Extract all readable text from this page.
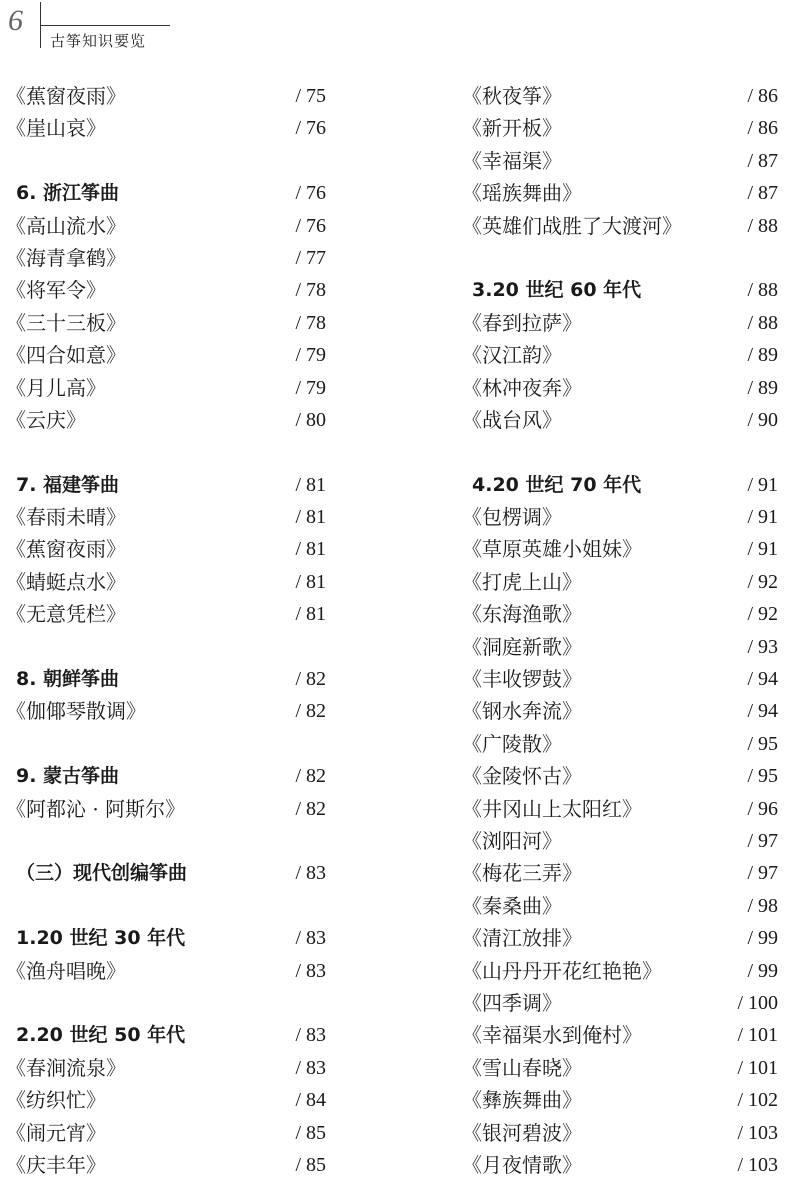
6
古筝知识要览
《蕉窗夜雨》	/ 75
《崖山哀》	/ 76
6. 浙江筝曲	/ 76
《高山流水》	/ 76
《海青拿鹤》	/ 77
《将军令》	/ 78
《三十三板》	/ 78
《四合如意》	/ 79
《月儿高》	/ 79
《云庆》	/ 80
7. 福建筝曲	/ 81
《春雨未晴》	/ 81
《蕉窗夜雨》	/ 81
《蜻蜓点水》	/ 81
《无意凭栏》	/ 81
8. 朝鲜筝曲	/ 82
《伽倻琴散调》	/ 82
9. 蒙古筝曲	/ 82
《阿都沁 · 阿斯尔》	/ 82
（三）现代创编筝曲	/ 83
1.20 世纪 30 年代	/ 83
《渔舟唱晚》	/ 83
2.20 世纪 50 年代	/ 83
《春涧流泉》	/ 83
《纺织忙》	/ 84
《闹元宵》	/ 85
《庆丰年》	/ 85
《秋夜筝》	/ 86
《新开板》	/ 86
《幸福渠》	/ 87
《瑶族舞曲》	/ 87
《英雄们战胜了大渡河》	/ 88
3.20 世纪 60 年代	/ 88
《春到拉萨》	/ 88
《汉江韵》	/ 89
《林冲夜奔》	/ 89
《战台风》	/ 90
4.20 世纪 70 年代	/ 91
《包楞调》	/ 91
《草原英雄小姐妹》	/ 91
《打虎上山》	/ 92
《东海渔歌》	/ 92
《洞庭新歌》	/ 93
《丰收锣鼓》	/ 94
《钢水奔流》	/ 94
《广陵散》	/ 95
《金陵怀古》	/ 95
《井冈山上太阳红》	/ 96
《浏阳河》	/ 97
《梅花三弄》	/ 97
《秦桑曲》	/ 98
《清江放排》	/ 99
《山丹丹开花红艳艳》	/ 99
《四季调》	/ 100
《幸福渠水到俺村》	/ 101
《雪山春晓》	/ 101
《彝族舞曲》	/ 102
《银河碧波》	/ 103
《月夜情歌》	/ 103
